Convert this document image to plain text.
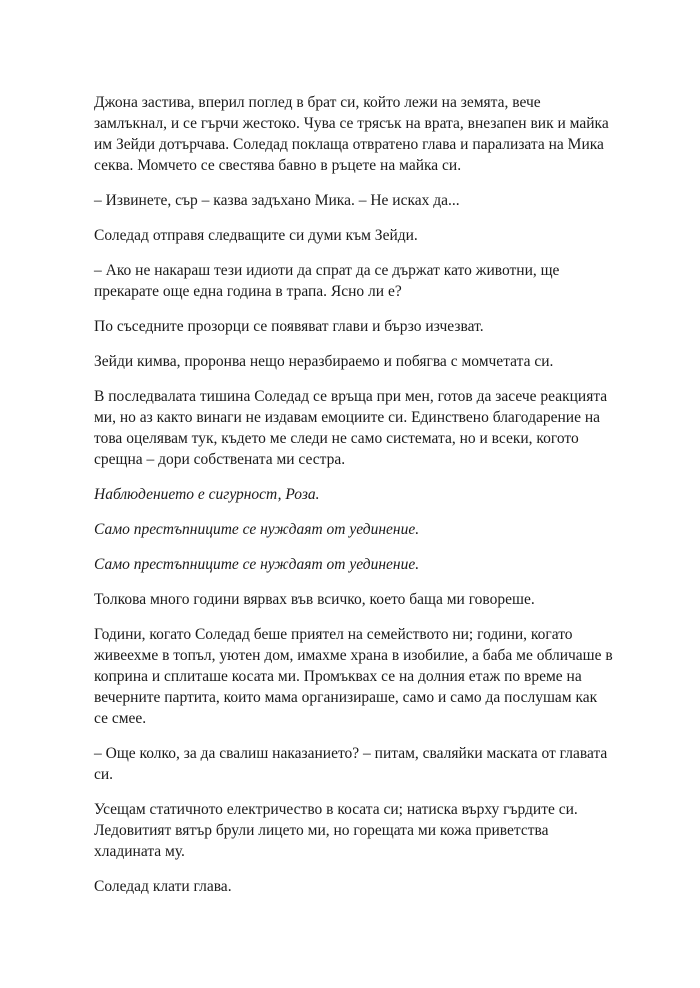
Джона застива, вперил поглед в брат си, който лежи на земята, вече замлъкнал, и се гърчи жестоко. Чува се трясък на врата, внезапен вик и майка им Зейди дотърчава. Соледад поклаща отвратено глава и парализата на Мика секва. Момчето се свестява бавно в ръцете на майка си.

– Извинете, сър – казва задъхано Мика. – Не исках да...

Соледад отправя следващите си думи към Зейди.

– Ако не накараш тези идиоти да спрат да се държат като животни, ще прекарате още една година в трапа. Ясно ли е?

По съседните прозорци се появяват глави и бързо изчезват.

Зейди кимва, проронва нещо неразбираемо и побягва с момчетата си.

В последвалата тишина Соледад се връща при мен, готов да засече реакцията ми, но аз както винаги не издавам емоциите си. Единствено благодарение на това оцелявам тук, където ме следи не само системата, но и всеки, когото срещна – дори собствената ми сестра.

Наблюдението е сигурност, Роза.

Само престъпниците се нуждаят от уединение.

Само престъпниците се нуждаят от уединение.

Толкова много години вярвах във всичко, което баща ми говореше.

Години, когато Соледад беше приятел на семейството ни; години, когато живеехме в топъл, уютен дом, имахме храна в изобилие, а баба ме обличаше в коприна и сплиташе косата ми. Промъквах се на долния етаж по време на вечерните партита, които мама организираше, само и само да послушам как се смее.

– Още колко, за да свалиш наказанието? – питам, сваляйки маската от главата си.

Усещам статичното електричество в косата си; натиска върху гърдите си. Ледовитият вятър брули лицето ми, но горещата ми кожа приветства хладината му.

Соледад клати глава.
